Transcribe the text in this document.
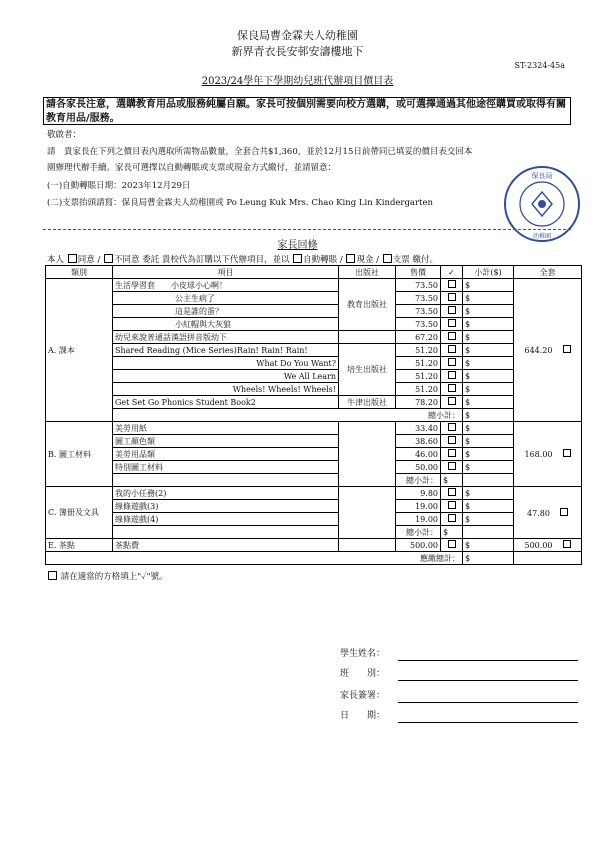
保良局曹金霖夫人幼稚園
新界青衣長安邨安濤樓地下
ST-2324-45a
2023/24學年下學期幼兒班代辦項目價目表
請各家長注意，選購教育用品或服務純屬自願。家長可按個別需要向校方選購，或可選擇通過其他途徑購買或取得有關教育用品/服務。
敬啟者：
請　貴家長在下列之價目表內選取所需物品數量，全套合共$1,360，並於12月15日前帶同已填妥的價目表交回本
園辦理代辦手續。家長可選擇以自動轉賬或支票或現金方式繳付，並請留意：
(一)自動轉賬日期：2023年12月29日
(二)支票抬頭請寫：保良局曹金霖夫人幼稚園或 Po Leung Kuk Mrs. Chao King Lin Kindergarten
保良局
幼稚園
家長回條
本人 同意 / 不同意 委託 貴校代為訂購以下代辦項目，並以 自動轉賬 / 現金 / 支票 繳付。
類別	項目	出版社	售價	✓	小計($)	全套
A. 課本	生活學習套　　小皮球小心啊！	教育出版社	73.50		$	644.20
	公主生病了		73.50		$	
	這是誰的蛋？		73.50		$	
	小紅帽與大灰狼		73.50		$	
	幼兒來說普通話漢語拼音版幼下		67.20		$	
	Shared Reading (Mice Series)Rain! Rain! Rain!	培生出版社	51.20		$	
	What Do You Want?		51.20		$	
	We All Learn		51.20		$	
	Wheels! Wheels! Wheels!		51.20		$	
	Get Set Go Phonics Student Book2	牛津出版社	78.20		$	
	總小計：				$	
B. 圖工材料	美勞用紙		33.40		$	168.00
	圖工顏色類		38.60		$	
	美勞用品類		46.00		$	
	特別圖工材料		50.00		$	
	總小計：			$		
C. 簿冊及文具	我的小任務(2)		9.80		$	47.80
	線條遊戲(3)		19.00		$	
	線條遊戲(4)		19.00		$	
	總小計：			$		
E. 茶點	茶點費		500.00		$	500.00
應繳總計：					$	
請在適當的方格填上"✓"號。
學生姓名：
班　　別：
家長簽署：
日　　期：
